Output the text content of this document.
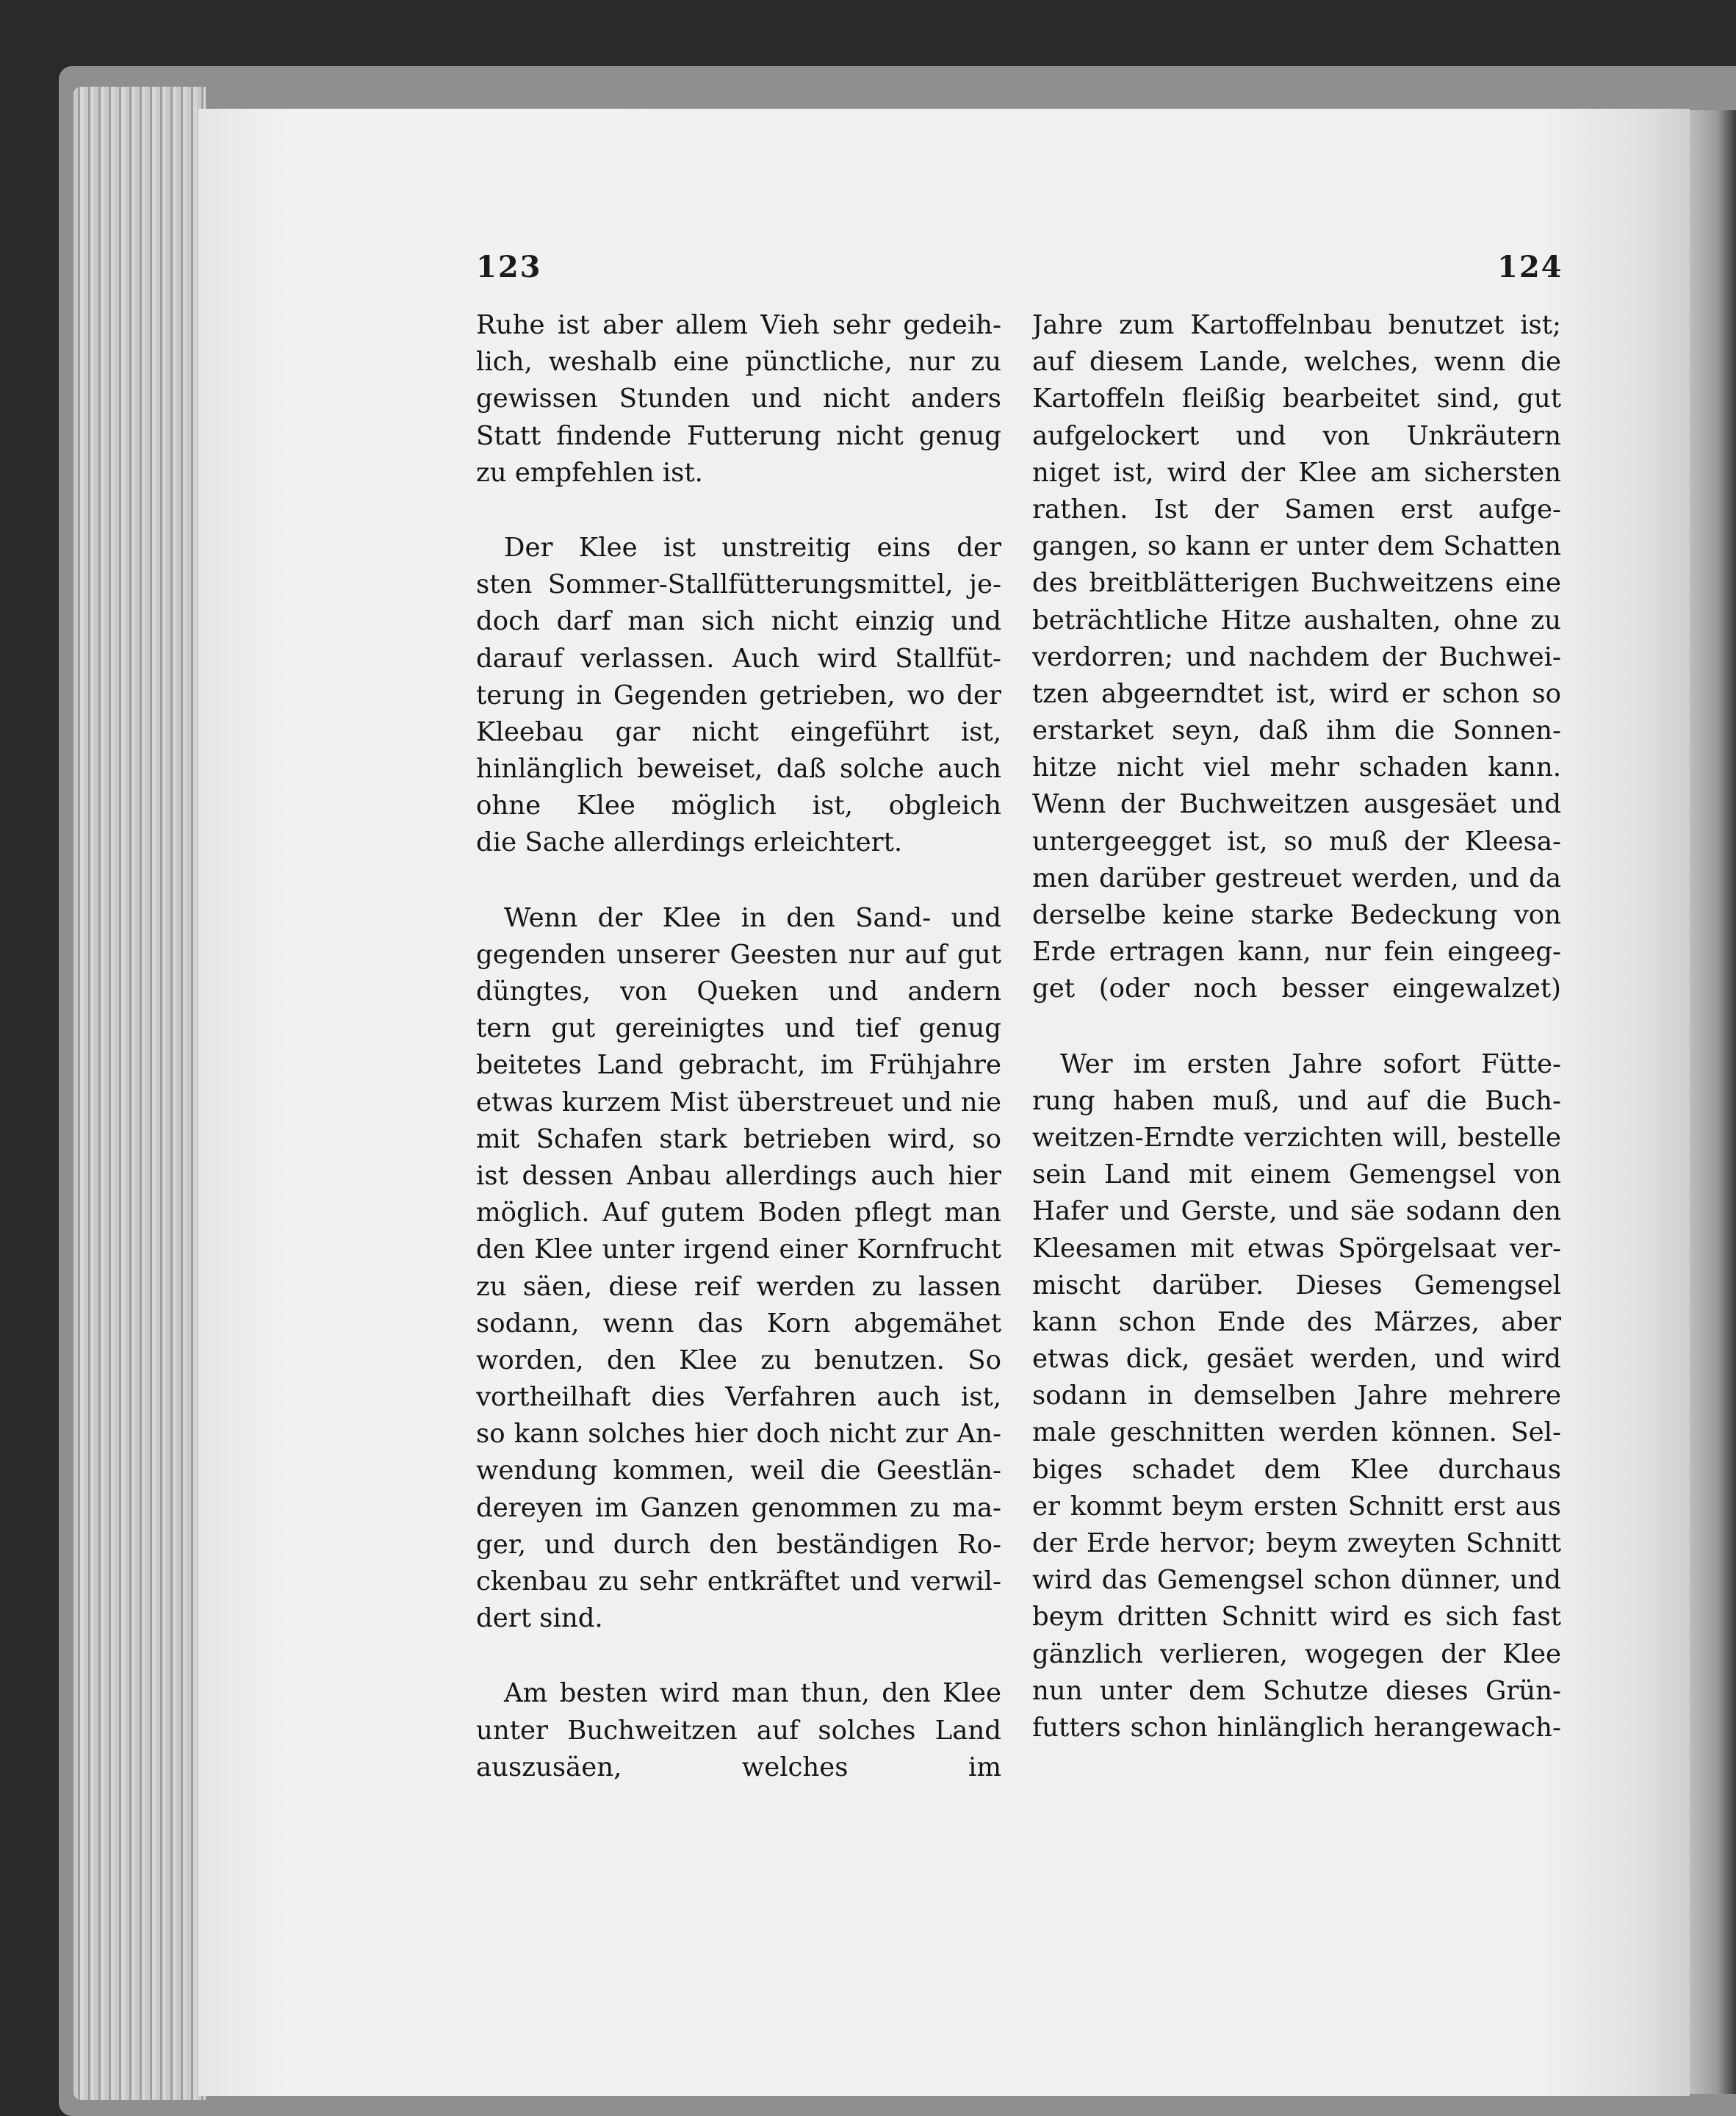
123	124
Ruhe ist aber allem Vieh sehr gedeih-
lich, weshalb eine pünctliche, nur zu
gewissen Stunden und nicht anders
Statt findende Futterung nicht genug
zu empfehlen ist.
Der Klee ist unstreitig eins der
sten Sommer-Stallfütterungsmittel, je-
doch darf man sich nicht einzig und
darauf verlassen. Auch wird Stallfüt-
terung in Gegenden getrieben, wo der
Kleebau gar nicht eingeführt ist,
hinlänglich beweiset, daß solche auch
ohne Klee möglich ist, obgleich
die Sache allerdings erleichtert.
Wenn der Klee in den Sand- und
gegenden unserer Geesten nur auf gut
düngtes, von Queken und andern
tern gut gereinigtes und tief genug
beitetes Land gebracht, im Frühjahre
etwas kurzem Mist überstreuet und nie
mit Schafen stark betrieben wird, so
ist dessen Anbau allerdings auch hier
möglich. Auf gutem Boden pflegt man
den Klee unter irgend einer Kornfrucht
zu säen, diese reif werden zu lassen
sodann, wenn das Korn abgemähet
worden, den Klee zu benutzen. So
vortheilhaft dies Verfahren auch ist,
so kann solches hier doch nicht zur An-
wendung kommen, weil die Geestlän-
dereyen im Ganzen genommen zu ma-
ger, und durch den beständigen Ro-
ckenbau zu sehr entkräftet und verwil-
dert sind.
Am besten wird man thun, den Klee
unter Buchweitzen auf solches Land
auszusäen, welches im
Jahre zum Kartoffelnbau benutzet ist;
auf diesem Lande, welches, wenn die
Kartoffeln fleißig bearbeitet sind, gut
aufgelockert und von Unkräutern
niget ist, wird der Klee am sichersten
rathen. Ist der Samen erst aufge-
gangen, so kann er unter dem Schatten
des breitblätterigen Buchweitzens eine
beträchtliche Hitze aushalten, ohne zu
verdorren; und nachdem der Buchwei-
tzen abgeerndtet ist, wird er schon so
erstarket seyn, daß ihm die Sonnen-
hitze nicht viel mehr schaden kann.
Wenn der Buchweitzen ausgesäet und
untergeegget ist, so muß der Kleesa-
men darüber gestreuet werden, und da
derselbe keine starke Bedeckung von
Erde ertragen kann, nur fein eingeeg-
get (oder noch besser eingewalzet)
Wer im ersten Jahre sofort Fütte-
rung haben muß, und auf die Buch-
weitzen-Erndte verzichten will, bestelle
sein Land mit einem Gemengsel von
Hafer und Gerste, und säe sodann den
Kleesamen mit etwas Spörgelsaat ver-
mischt darüber. Dieses Gemengsel
kann schon Ende des Märzes, aber
etwas dick, gesäet werden, und wird
sodann in demselben Jahre mehrere
male geschnitten werden können. Sel-
biges schadet dem Klee durchaus
er kommt beym ersten Schnitt erst aus
der Erde hervor; beym zweyten Schnitt
wird das Gemengsel schon dünner, und
beym dritten Schnitt wird es sich fast
gänzlich verlieren, wogegen der Klee
nun unter dem Schutze dieses Grün-
futters schon hinlänglich herangewach-
